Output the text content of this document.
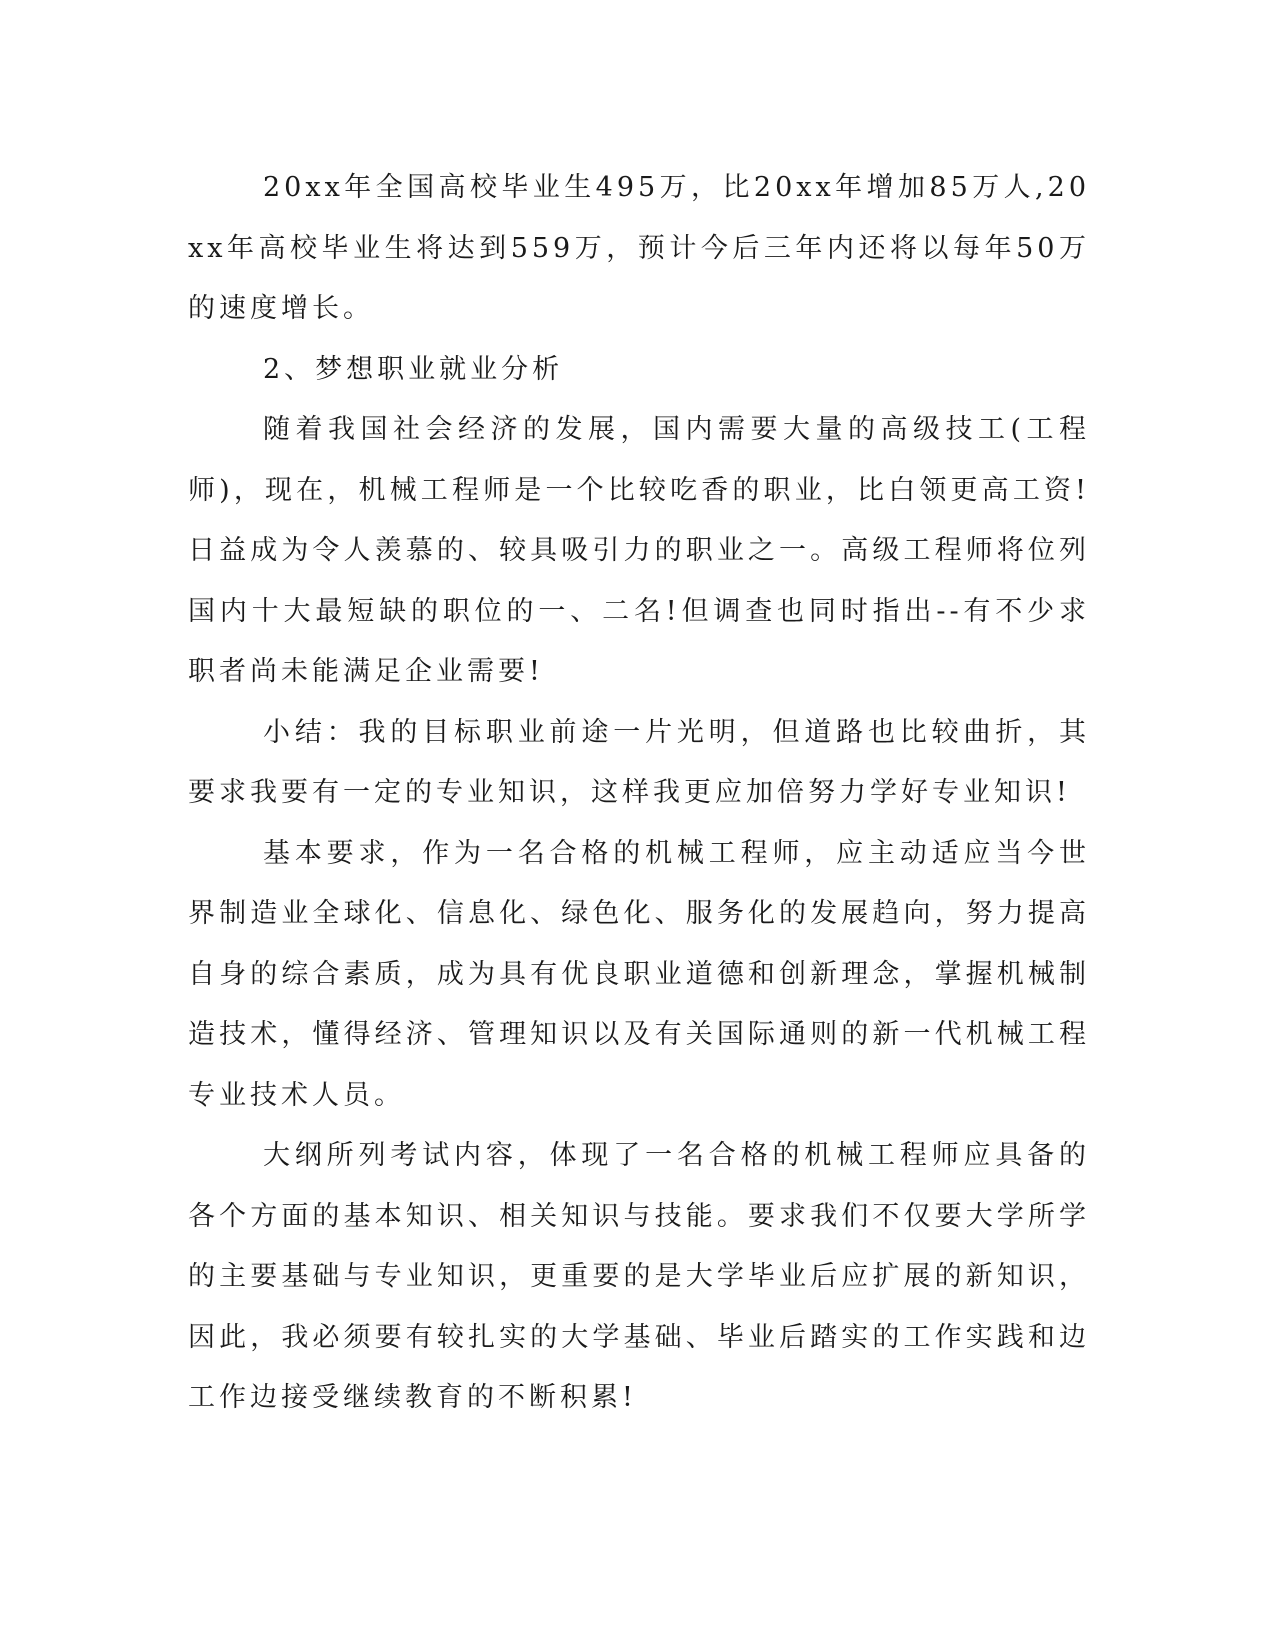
20xx年全国高校毕业生495万，比20xx年增加85万人,20xx年高校毕业生将达到559万，预计今后三年内还将以每年50万的速度增长。

2、梦想职业就业分析

随着我国社会经济的发展，国内需要大量的高级技工(工程师)，现在，机械工程师是一个比较吃香的职业，比白领更高工资!日益成为令人羡慕的、较具吸引力的职业之一。高级工程师将位列国内十大最短缺的职位的一、二名!但调查也同时指出--有不少求职者尚未能满足企业需要!

小结：我的目标职业前途一片光明，但道路也比较曲折，其要求我要有一定的专业知识，这样我更应加倍努力学好专业知识!

基本要求，作为一名合格的机械工程师，应主动适应当今世界制造业全球化、信息化、绿色化、服务化的发展趋向，努力提高自身的综合素质，成为具有优良职业道德和创新理念，掌握机械制造技术，懂得经济、管理知识以及有关国际通则的新一代机械工程专业技术人员。

大纲所列考试内容，体现了一名合格的机械工程师应具备的各个方面的基本知识、相关知识与技能。要求我们不仅要大学所学的主要基础与专业知识，更重要的是大学毕业后应扩展的新知识，因此，我必须要有较扎实的大学基础、毕业后踏实的工作实践和边工作边接受继续教育的不断积累!
